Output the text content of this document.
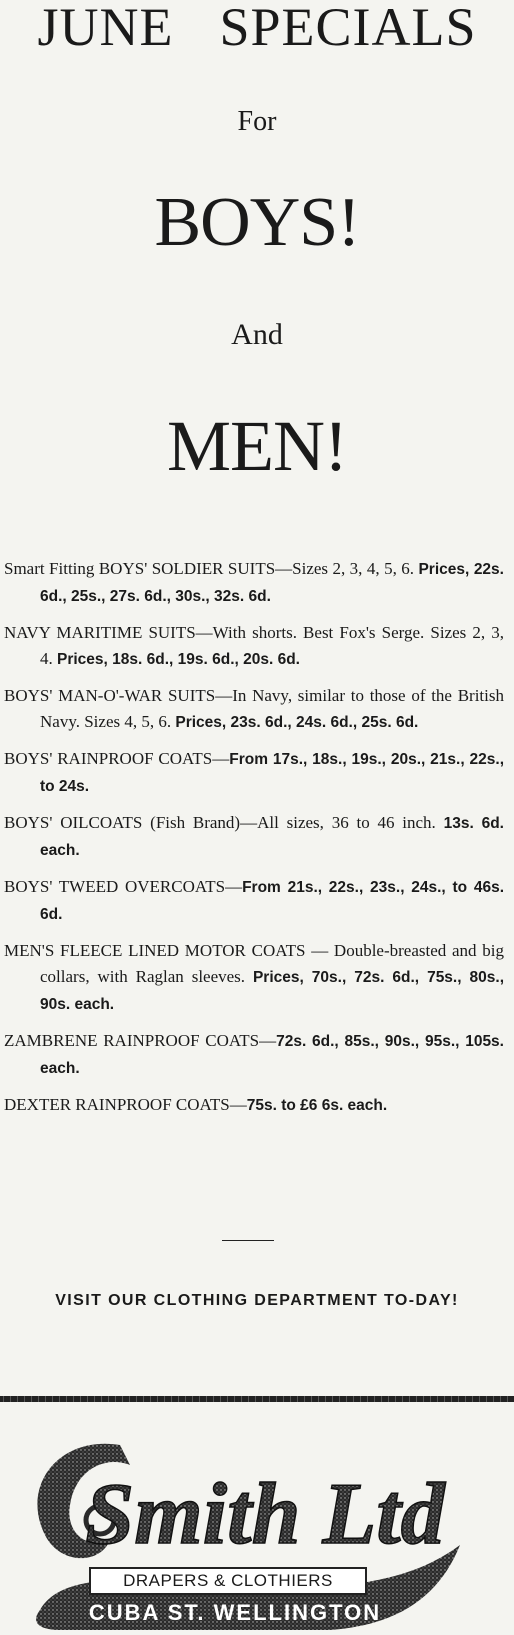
JUNE SPECIALS
For
BOYS!
And
MEN!
Smart Fitting BOYS' SOLDIER SUITS—Sizes 2, 3, 4, 5, 6. Prices, 22s. 6d., 25s., 27s. 6d., 30s., 32s. 6d.
NAVY MARITIME SUITS—With shorts. Best Fox's Serge. Sizes 2, 3, 4. Prices, 18s. 6d., 19s. 6d., 20s. 6d.
BOYS' MAN-O'-WAR SUITS—In Navy, similar to those of the British Navy. Sizes 4, 5, 6. Prices, 23s. 6d., 24s. 6d., 25s. 6d.
BOYS' RAINPROOF COATS—From 17s., 18s., 19s., 20s., 21s., 22s., to 24s.
BOYS' OILCOATS (Fish Brand)—All sizes, 36 to 46 inch. 13s. 6d. each.
BOYS' TWEED OVERCOATS—From 21s., 22s., 23s., 24s., to 46s. 6d.
MEN'S FLEECE LINED MOTOR COATS — Double-breasted and big collars, with Raglan sleeves. Prices, 70s., 72s. 6d., 75s., 80s., 90s. each.
ZAMBRENE RAINPROOF COATS—72s. 6d., 85s., 90s., 95s., 105s. each.
DEXTER RAINPROOF COATS—75s. to £6 6s. each.
VISIT OUR CLOTHING DEPARTMENT TO-DAY!
Smith Ltd
DRAPERS & CLOTHIERS
CUBA ST. WELLINGTON
